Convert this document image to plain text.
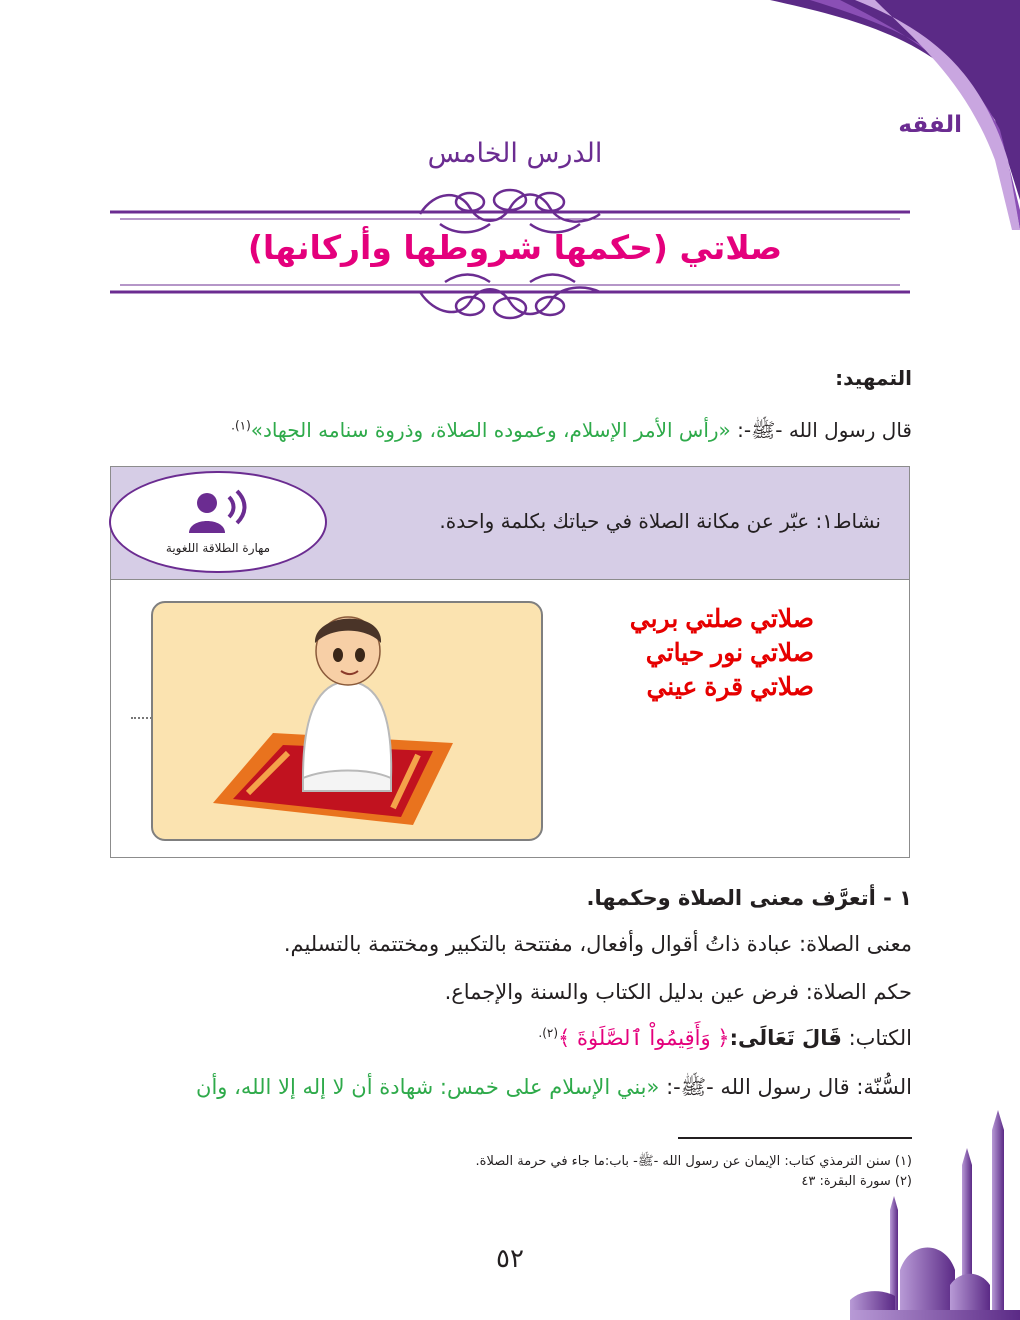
الفقه
الدرس الخامس
صلاتي (حكمها شروطها وأركانها)
التمهيد:
قال رسول الله -ﷺ-: «رأس الأمر الإسلام، وعموده الصلاة، وذروة سنامه الجهاد»$^{(١).}$
نشاط١: عبّر عن مكانة الصلاة في حياتك بكلمة واحدة.
مهارة الطلاقة اللغوية
صلاتي صلتي بربي
صلاتي نور حياتي
صلاتي قرة عيني
١ - أتعرَّف معنى الصلاة وحكمها.
معنى الصلاة: عبادة ذاتُ أقوال وأفعال، مفتتحة بالتكبير ومختتمة بالتسليم.
حكم الصلاة: فرض عين بدليل الكتاب والسنة والإجماع.
الكتاب: قَالَ تَعَالَى:﴿ وَأَقِيمُواْ ٱلصَّلَوٰةَ ﴾$^{(٢).}$
السُّنّة: قال رسول الله -ﷺ-: «بني الإسلام على خمس: شهادة أن لا إله إلا الله، وأن
(١) سنن الترمذي كتاب: الإيمان عن رسول الله -ﷺ- باب:ما جاء في حرمة الصلاة.
(٢) سورة البقرة: ٤٣
٥٢
